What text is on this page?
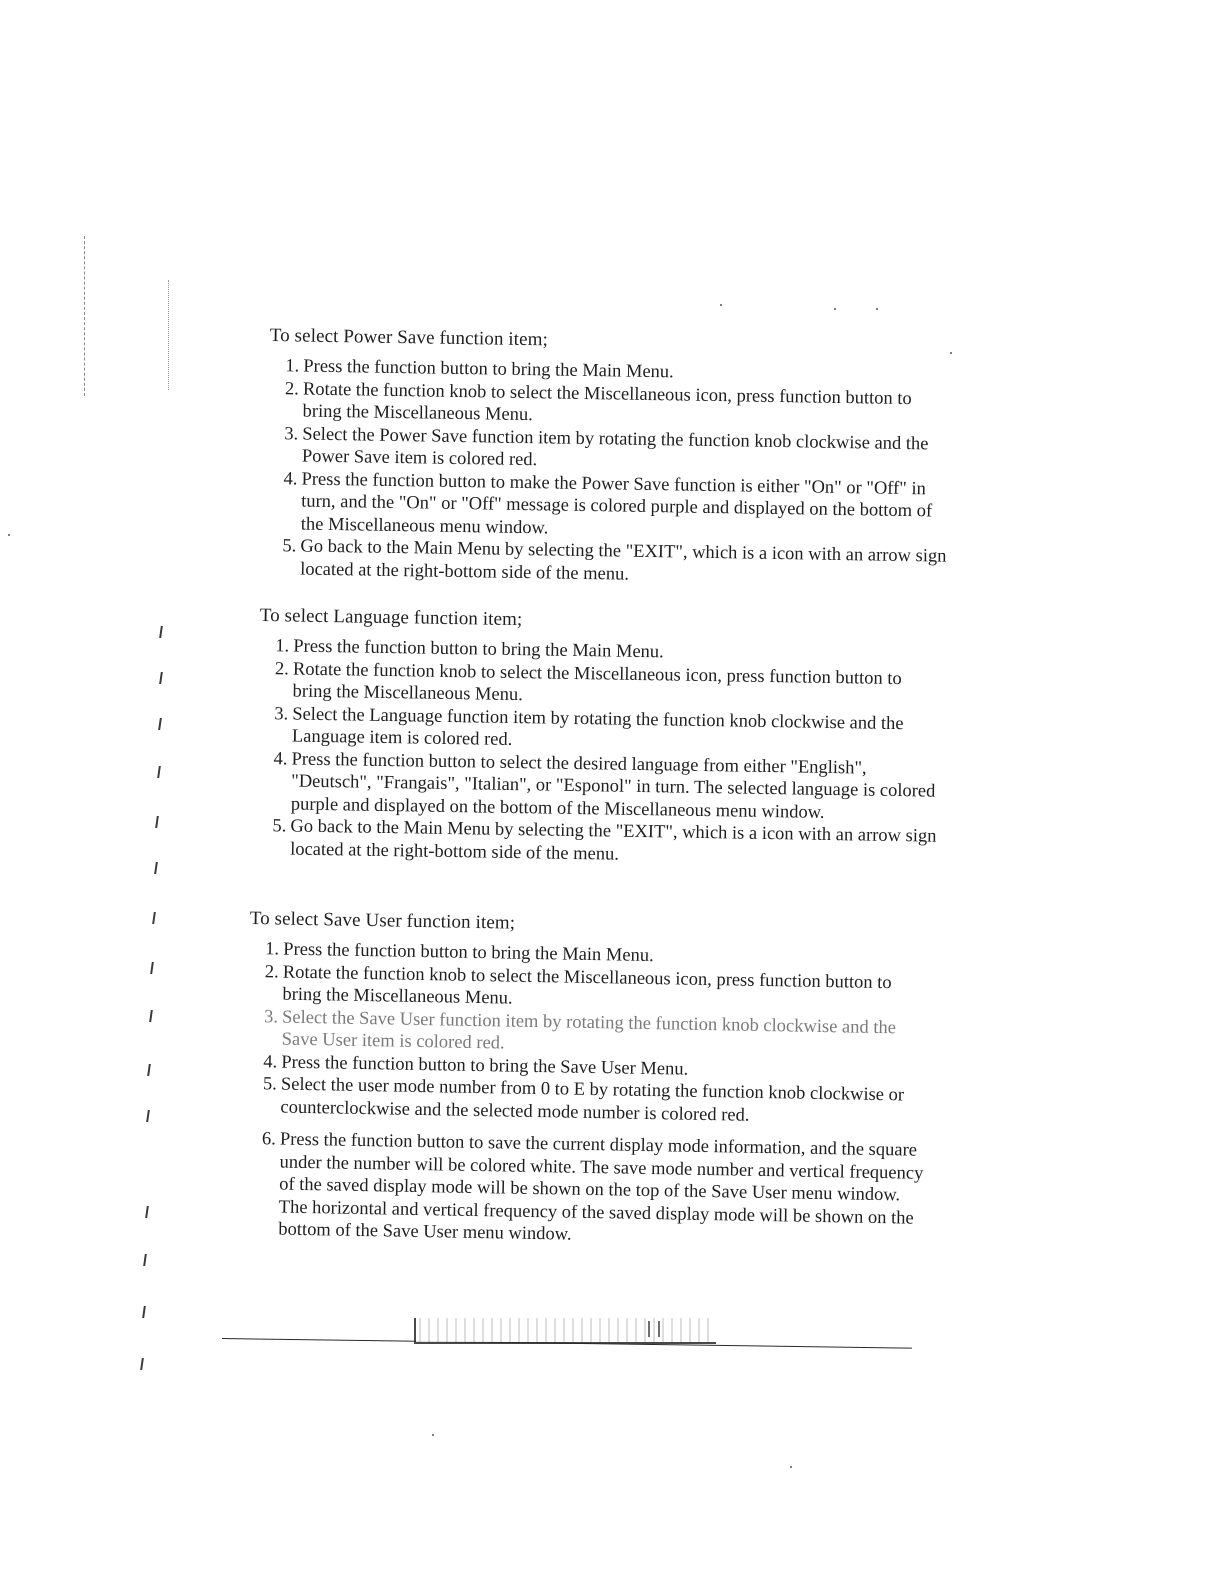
To select Power Save function item;
1. Press the function button to bring the Main Menu.
2. Rotate the function knob to select the Miscellaneous icon, press function button to bring the Miscellaneous Menu.
3. Select the Power Save function item by rotating the function knob clockwise and the Power Save item is colored red.
4. Press the function button to make the Power Save function is either "On" or "Off" in turn, and the "On" or "Off" message is colored purple and displayed on the bottom of the Miscellaneous menu window.
5. Go back to the Main Menu by selecting the "EXIT", which is a icon with an arrow sign located at the right-bottom side of the menu.
To select Language function item;
1. Press the function button to bring the Main Menu.
2. Rotate the function knob to select the Miscellaneous icon, press function button to bring the Miscellaneous Menu.
3. Select the Language function item by rotating the function knob clockwise and the Language item is colored red.
4. Press the function button to select the desired language from either "English", "Deutsch", "Frangais", "Italian", or "Esponol" in turn. The selected language is colored purple and displayed on the bottom of the Miscellaneous menu window.
5. Go back to the Main Menu by selecting the "EXIT", which is a icon with an arrow sign located at the right-bottom side of the menu.
To select Save User function item;
1. Press the function button to bring the Main Menu.
2. Rotate the function knob to select the Miscellaneous icon, press function button to bring the Miscellaneous Menu.
3. Select the Save User function item by rotating the function knob clockwise and the Save User item is colored red.
4. Press the function button to bring the Save User Menu.
5. Select the user mode number from 0 to E by rotating the function knob clockwise or counterclockwise and the selected mode number is colored red.
6. Press the function button to save the current display mode information, and the square under the number will be colored white. The save mode number and vertical frequency of the saved display mode will be shown on the top of the Save User menu window. The horizontal and vertical frequency of the saved display mode will be shown on the bottom of the Save User menu window.
